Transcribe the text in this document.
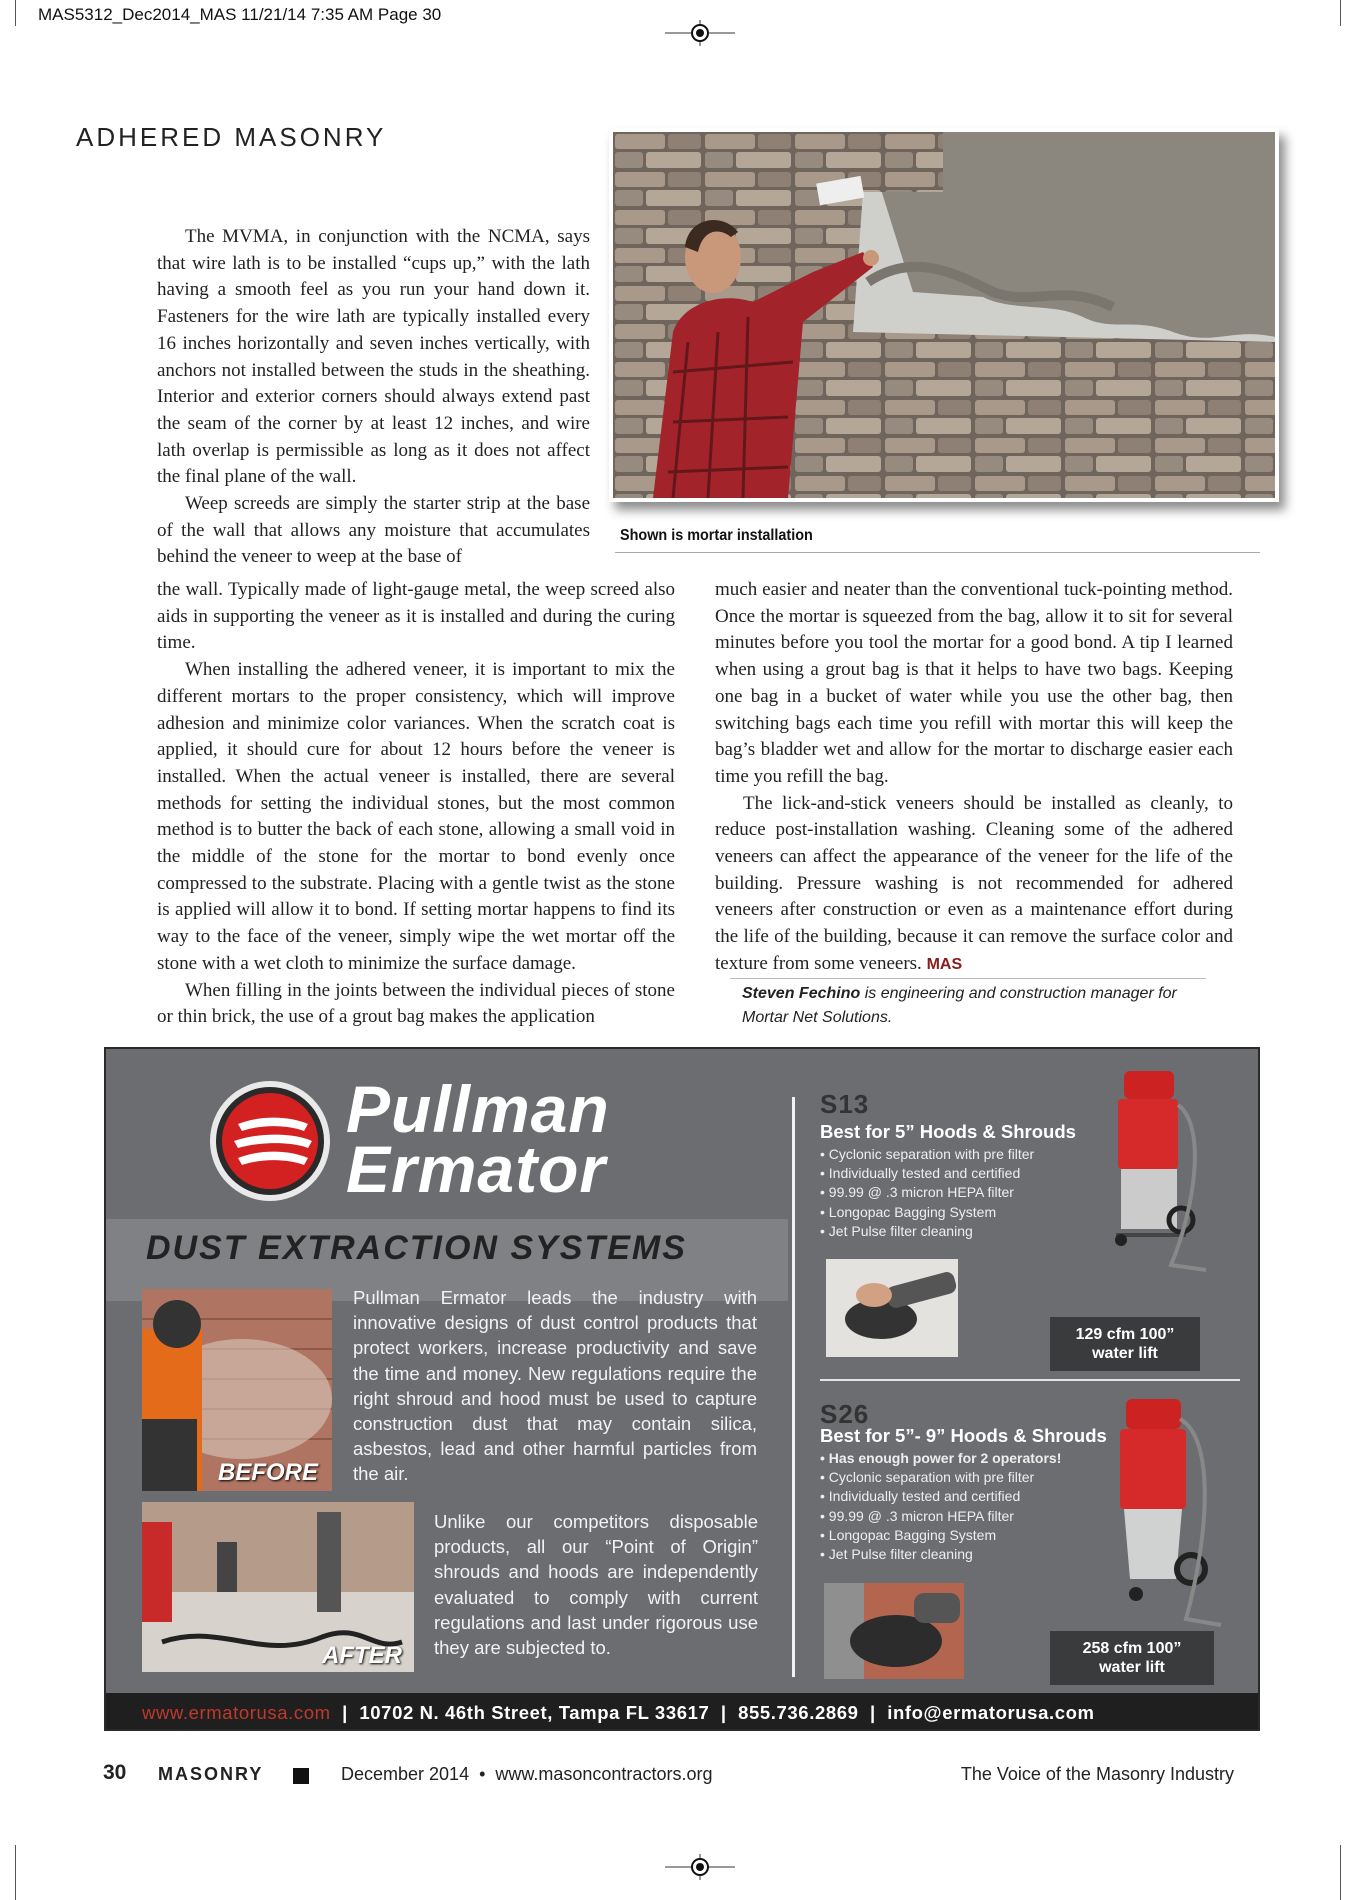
MAS5312_Dec2014_MAS 11/21/14 7:35 AM Page 30
ADHERED MASONRY
Shown is mortar installation

The MVMA, in conjunction with the NCMA, says that wire lath is to be installed “cups up,” with the lath having a smooth feel as you run your hand down it. Fasteners for the wire lath are typically installed every 16 inches horizontally and seven inches vertically, with anchors not installed between the studs in the sheathing. Interior and exterior corners should always extend past the seam of the corner by at least 12 inches, and wire lath overlap is permissible as long as it does not affect the final plane of the wall.

Weep screeds are simply the starter strip at the base of the wall that allows any moisture that accumulates behind the veneer to weep at the base of

the wall. Typically made of light-gauge metal, the weep screed also aids in supporting the veneer as it is installed and during the curing time.

When installing the adhered veneer, it is important to mix the different mortars to the proper consistency, which will improve adhesion and minimize color variances. When the scratch coat is applied, it should cure for about 12 hours before the veneer is installed. When the actual veneer is installed, there are several methods for setting the individual stones, but the most common method is to butter the back of each stone, allowing a small void in the middle of the stone for the mortar to bond evenly once compressed to the substrate. Placing with a gentle twist as the stone is applied will allow it to bond. If setting mortar happens to find its way to the face of the veneer, simply wipe the wet mortar off the stone with a wet cloth to minimize the surface damage.

When filling in the joints between the individual pieces of stone or thin brick, the use of a grout bag makes the application

much easier and neater than the conventional tuck-pointing method. Once the mortar is squeezed from the bag, allow it to sit for several minutes before you tool the mortar for a good bond. A tip I learned when using a grout bag is that it helps to have two bags. Keeping one bag in a bucket of water while you use the other bag, then switching bags each time you refill with mortar this will keep the bag’s bladder wet and allow for the mortar to discharge easier each time you refill the bag.

The lick-and-stick veneers should be installed as cleanly, to reduce post-installation washing. Cleaning some of the adhered veneers can affect the appearance of the veneer for the life of the building. Pressure washing is not recommended for adhered veneers after construction or even as a maintenance effort during the life of the building, because it can remove the surface color and texture from some veneers. MAS

Steven Fechino is engineering and construction manager for Mortar Net Solutions.
Pullman
Ermator
DUST EXTRACTION SYSTEMS
BEFORE
AFTER
Pullman Ermator leads the industry with innovative designs of dust control products that protect workers, increase productivity and save the time and money. New regulations require the right shroud and hood must be used to capture construction dust that may contain silica, asbestos, lead and other harmful particles from the air.
Unlike our competitors disposable products, all our “Point of Origin” shrouds and hoods are independently evaluated to comply with current regulations and last under rigorous use they are subjected to.
S13
Best for 5” Hoods & Shrouds
• Cyclonic separation with pre filter
• Individually tested and certified
• 99.99 @ .3 micron HEPA filter
• Longopac Bagging System
• Jet Pulse filter cleaning
129 cfm 100”
water lift
S26
Best for 5”- 9” Hoods & Shrouds
• Has enough power for 2 operators!
• Cyclonic separation with pre filter
• Individually tested and certified
• 99.99 @ .3 micron HEPA filter
• Longopac Bagging System
• Jet Pulse filter cleaning
258 cfm 100”
water lift
www.ermatorusa.com | 10702 N. 46th Street, Tampa FL 33617 | 855.736.2869 | info@ermatorusa.com
30 MASONRY	December 2014  •  www.masoncontractors.org	The Voice of the Masonry Industry
